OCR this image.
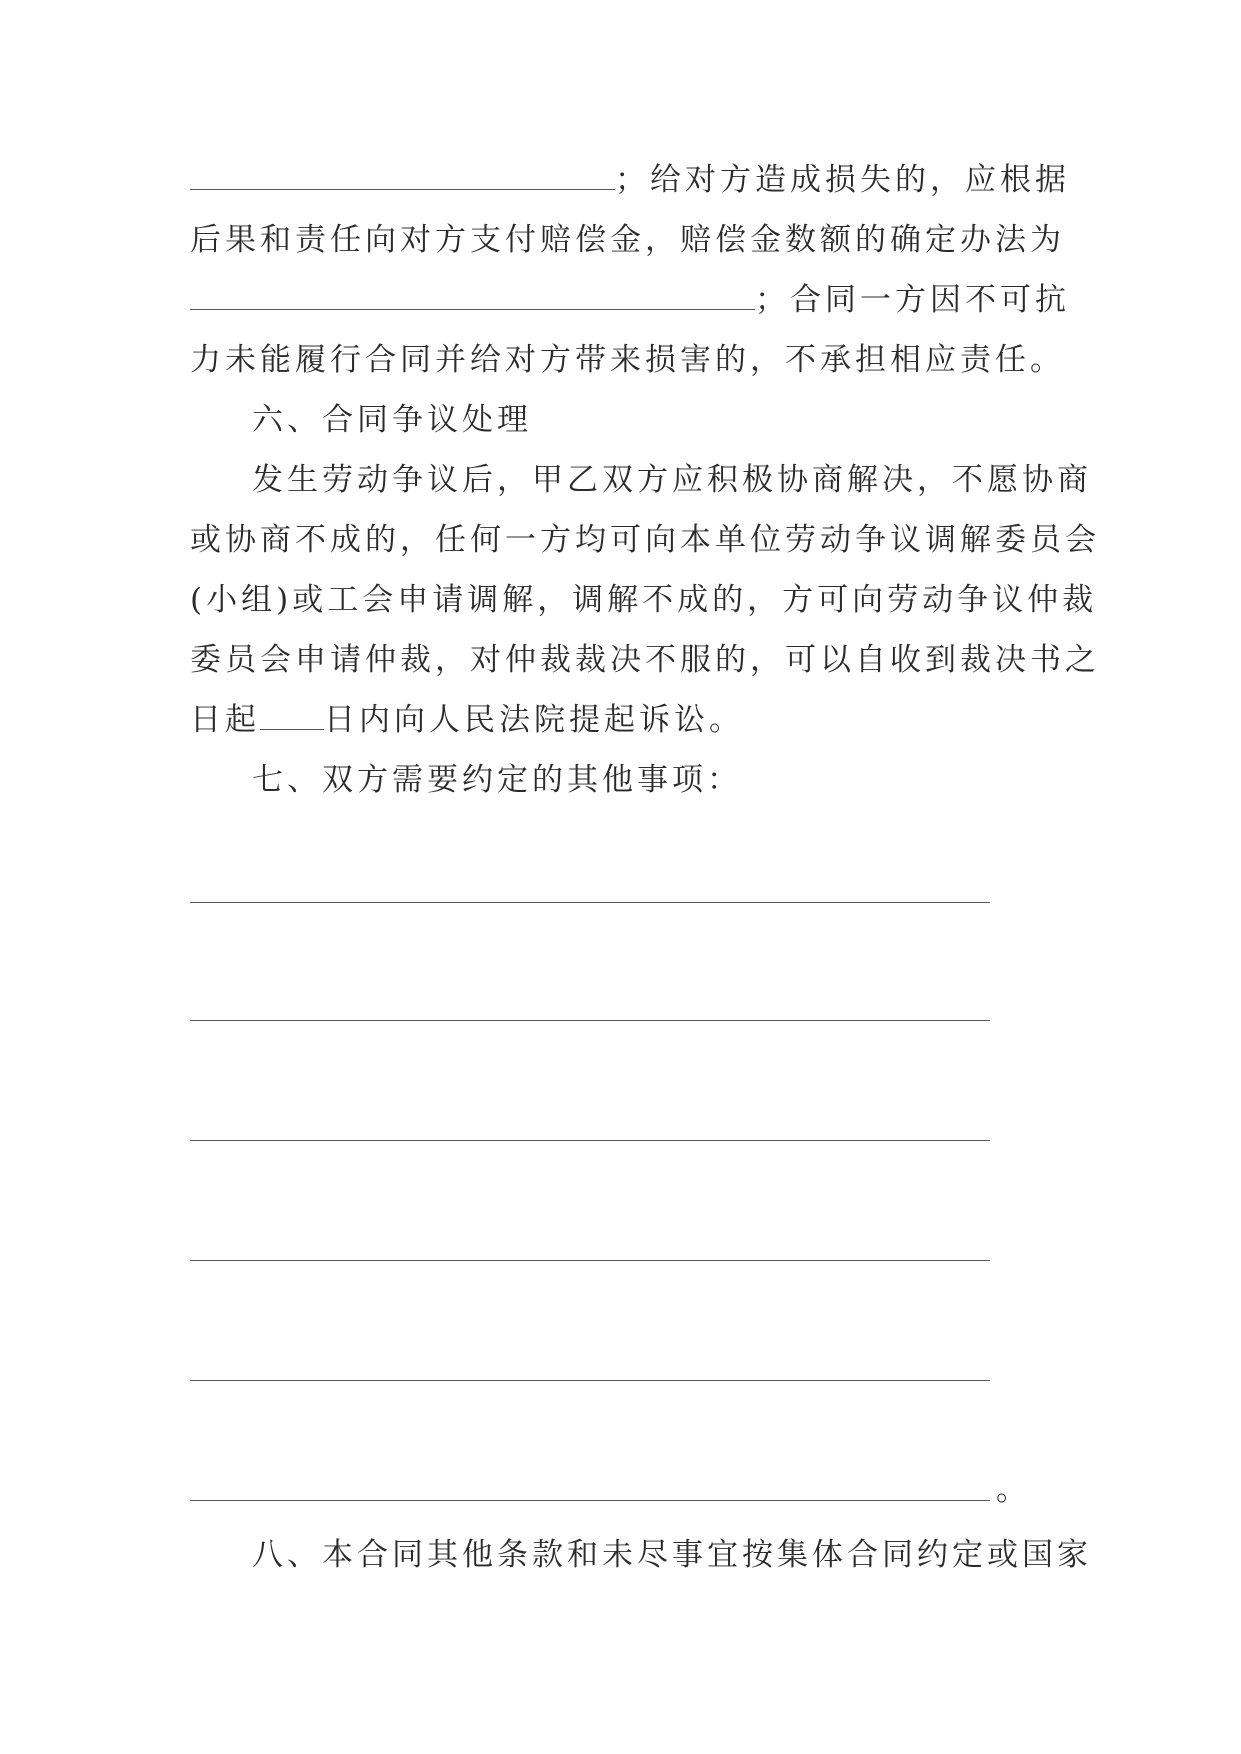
；给对方造成损失的，应根据
后果和责任向对方支付赔偿金，赔偿金数额的确定办法为
；合同一方因不可抗
力未能履行合同并给对方带来损害的，不承担相应责任。
六、合同争议处理
发生劳动争议后，甲乙双方应积极协商解决，不愿协商
或协商不成的，任何一方均可向本单位劳动争议调解委员会
(小组)或工会申请调解，调解不成的，方可向劳动争议仲裁
委员会申请仲裁，对仲裁裁决不服的，可以自收到裁决书之
日起 日内向人民法院提起诉讼。
七、双方需要约定的其他事项：
。
八、本合同其他条款和未尽事宜按集体合同约定或国家
